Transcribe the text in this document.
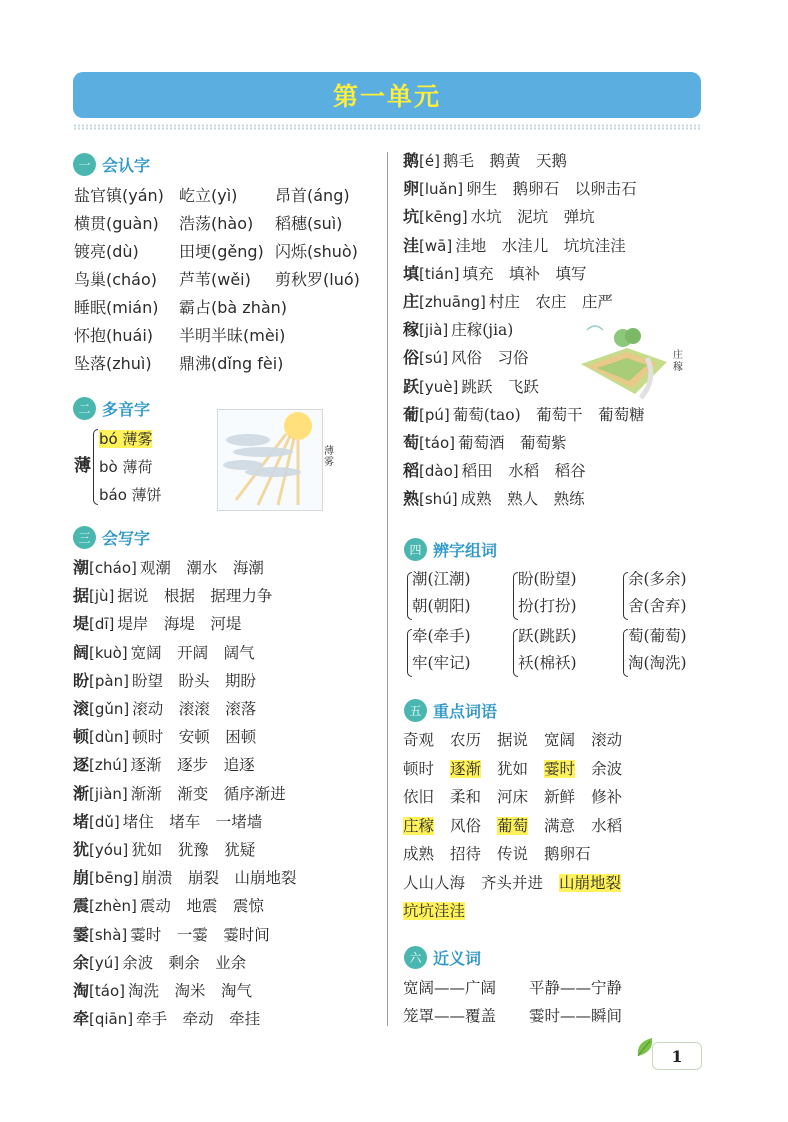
第一单元
一 会认字
盐官镇(yán) 屹立(yì) 昂首(áng)
横贯(guàn) 浩荡(hào) 稻穗(suì)
镀亮(dù)	田埂(gěng) 闪烁(shuò)
鸟巢(cháo) 芦苇(wěi) 剪秋罗(luó)
睡眠(mián) 霸占(bà zhàn)
怀抱(huái) 半明半昧(mèi)
坠落(zhuì) 鼎沸(dǐng fèi)
二 多音字
薄
bó 薄雾
bò 薄荷
báo 薄饼
薄雾
三 会写字
潮[cháo] 观潮　潮水　海潮
据[jù] 据说　根据　据理力争
堤[dī] 堤岸　海堤　河堤
阔[kuò] 宽阔　开阔　阔气
盼[pàn] 盼望　盼头　期盼
滚[gǔn] 滚动　滚滚　滚落
顿[dùn] 顿时　安顿　困顿
逐[zhú] 逐渐　逐步　追逐
渐[jiàn] 渐渐　渐变　循序渐进
堵[dǔ] 堵住　堵车　一堵墙
犹[yóu] 犹如　犹豫　犹疑
崩[bēng] 崩溃　崩裂　山崩地裂
震[zhèn] 震动　地震　震惊
霎[shà] 霎时　一霎　霎时间
余[yú] 余波　剩余　业余
淘[táo] 淘洗　淘米　淘气
牵[qiān] 牵手　牵动　牵挂
鹅[é] 鹅毛　鹅黄　天鹅
卵[luǎn] 卵生　鹅卵石　以卵击石
坑[kēng] 水坑　泥坑　弹坑
洼[wā] 洼地　水洼儿　坑坑洼洼
填[tián] 填充　填补　填写
庄[zhuāng] 村庄　农庄　庄严
稼[jià] 庄稼(jia)
俗[sú] 风俗　习俗
跃[yuè] 跳跃　飞跃
葡[pú] 葡萄(tao)　葡萄干　葡萄糖
萄[táo] 葡萄酒　葡萄紫
稻[dào] 稻田　水稻　稻谷
熟[shú] 成熟　熟人　熟练
庄稼
四 辨字组词
潮(江潮)
朝(朝阳)
盼(盼望)
扮(打扮)
余(多余)
舍(舍弃)
牵(牵手)
牢(牢记)
跃(跳跃)
袄(棉袄)
萄(葡萄)
淘(淘洗)
五 重点词语
奇观 农历 据说 宽阔 滚动
顿时 逐渐 犹如 霎时 余波
依旧 柔和 河床 新鲜 修补
庄稼 风俗 葡萄 满意 水稻
成熟 招待 传说 鹅卵石
人山人海 齐头并进 山崩地裂
坑坑洼洼
六 近义词
宽阔——广阔 平静——宁静
笼罩——覆盖 霎时——瞬间
1
